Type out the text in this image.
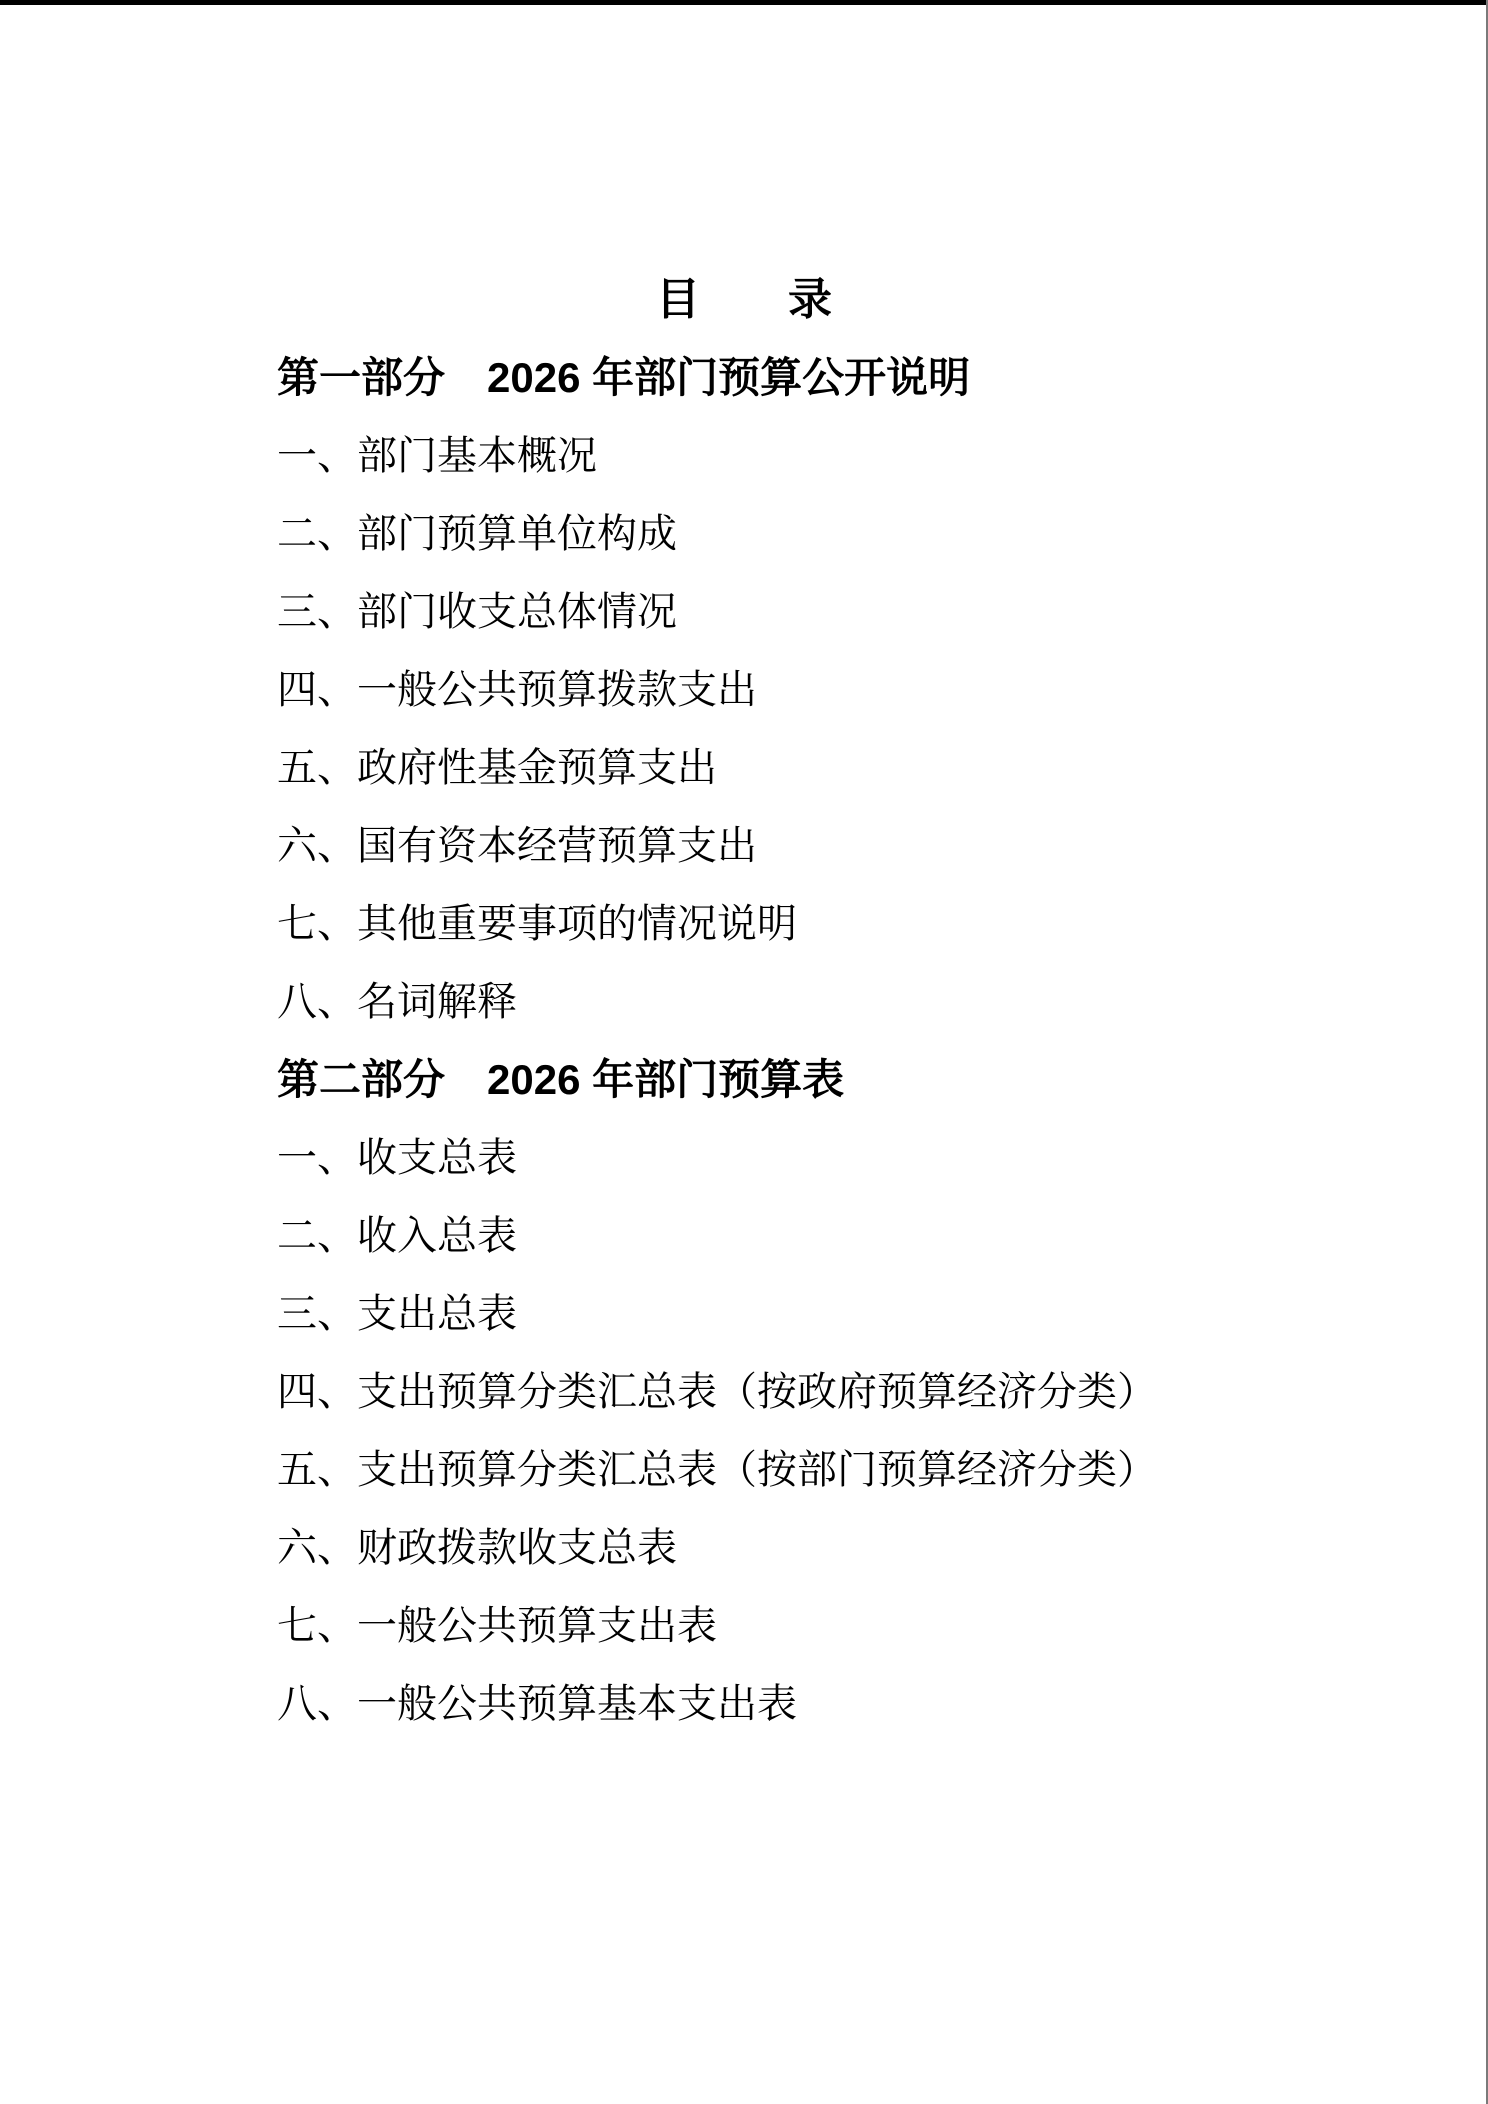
目　　录
第一部分　2026 年部门预算公开说明
一、部门基本概况
二、部门预算单位构成
三、部门收支总体情况
四、一般公共预算拨款支出
五、政府性基金预算支出
六、国有资本经营预算支出
七、其他重要事项的情况说明
八、名词解释
第二部分　2026 年部门预算表
一、收支总表
二、收入总表
三、支出总表
四、支出预算分类汇总表（按政府预算经济分类）
五、支出预算分类汇总表（按部门预算经济分类）
六、财政拨款收支总表
七、一般公共预算支出表
八、一般公共预算基本支出表
